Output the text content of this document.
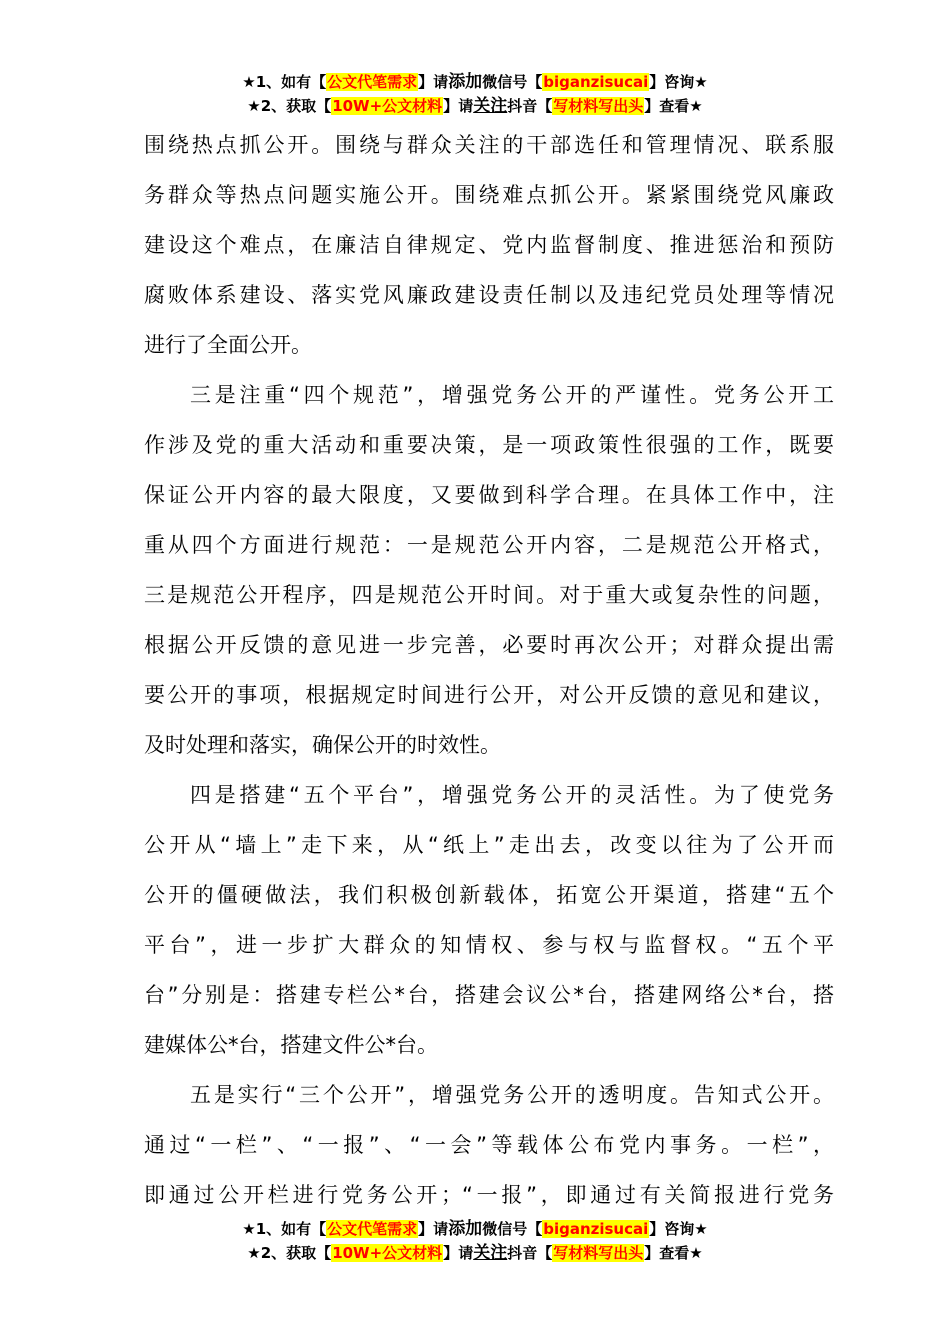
★1、如有【公文代笔需求】请添加微信号【biganzisucai】咨询★
★2、获取【10W+公文材料】请关注抖音【写材料写出头】查看★
围绕热点抓公开。围绕与群众关注的干部选任和管理情况、联系服
务群众等热点问题实施公开。围绕难点抓公开。紧紧围绕党风廉政
建设这个难点，在廉洁自律规定、党内监督制度、推进惩治和预防
腐败体系建设、落实党风廉政建设责任制以及违纪党员处理等情况
进行了全面公开。
三是注重“四个规范”，增强党务公开的严谨性。党务公开工
作涉及党的重大活动和重要决策，是一项政策性很强的工作，既要
保证公开内容的最大限度，又要做到科学合理。在具体工作中，注
重从四个方面进行规范：一是规范公开内容，二是规范公开格式，
三是规范公开程序，四是规范公开时间。对于重大或复杂性的问题，
根据公开反馈的意见进一步完善，必要时再次公开；对群众提出需
要公开的事项，根据规定时间进行公开，对公开反馈的意见和建议，
及时处理和落实，确保公开的时效性。
四是搭建“五个平台”，增强党务公开的灵活性。为了使党务
公开从“墙上”走下来，从“纸上”走出去，改变以往为了公开而
公开的僵硬做法，我们积极创新载体，拓宽公开渠道，搭建“五个
平台”，进一步扩大群众的知情权、参与权与监督权。“五个平
台”分别是：搭建专栏公*台，搭建会议公*台，搭建网络公*台，搭
建媒体公*台，搭建文件公*台。
五是实行“三个公开”，增强党务公开的透明度。告知式公开。
通过“一栏”、“一报”、“一会”等载体公布党内事务。一栏”，
即通过公开栏进行党务公开；“一报”，即通过有关简报进行党务
★1、如有【公文代笔需求】请添加微信号【biganzisucai】咨询★
★2、获取【10W+公文材料】请关注抖音【写材料写出头】查看★
